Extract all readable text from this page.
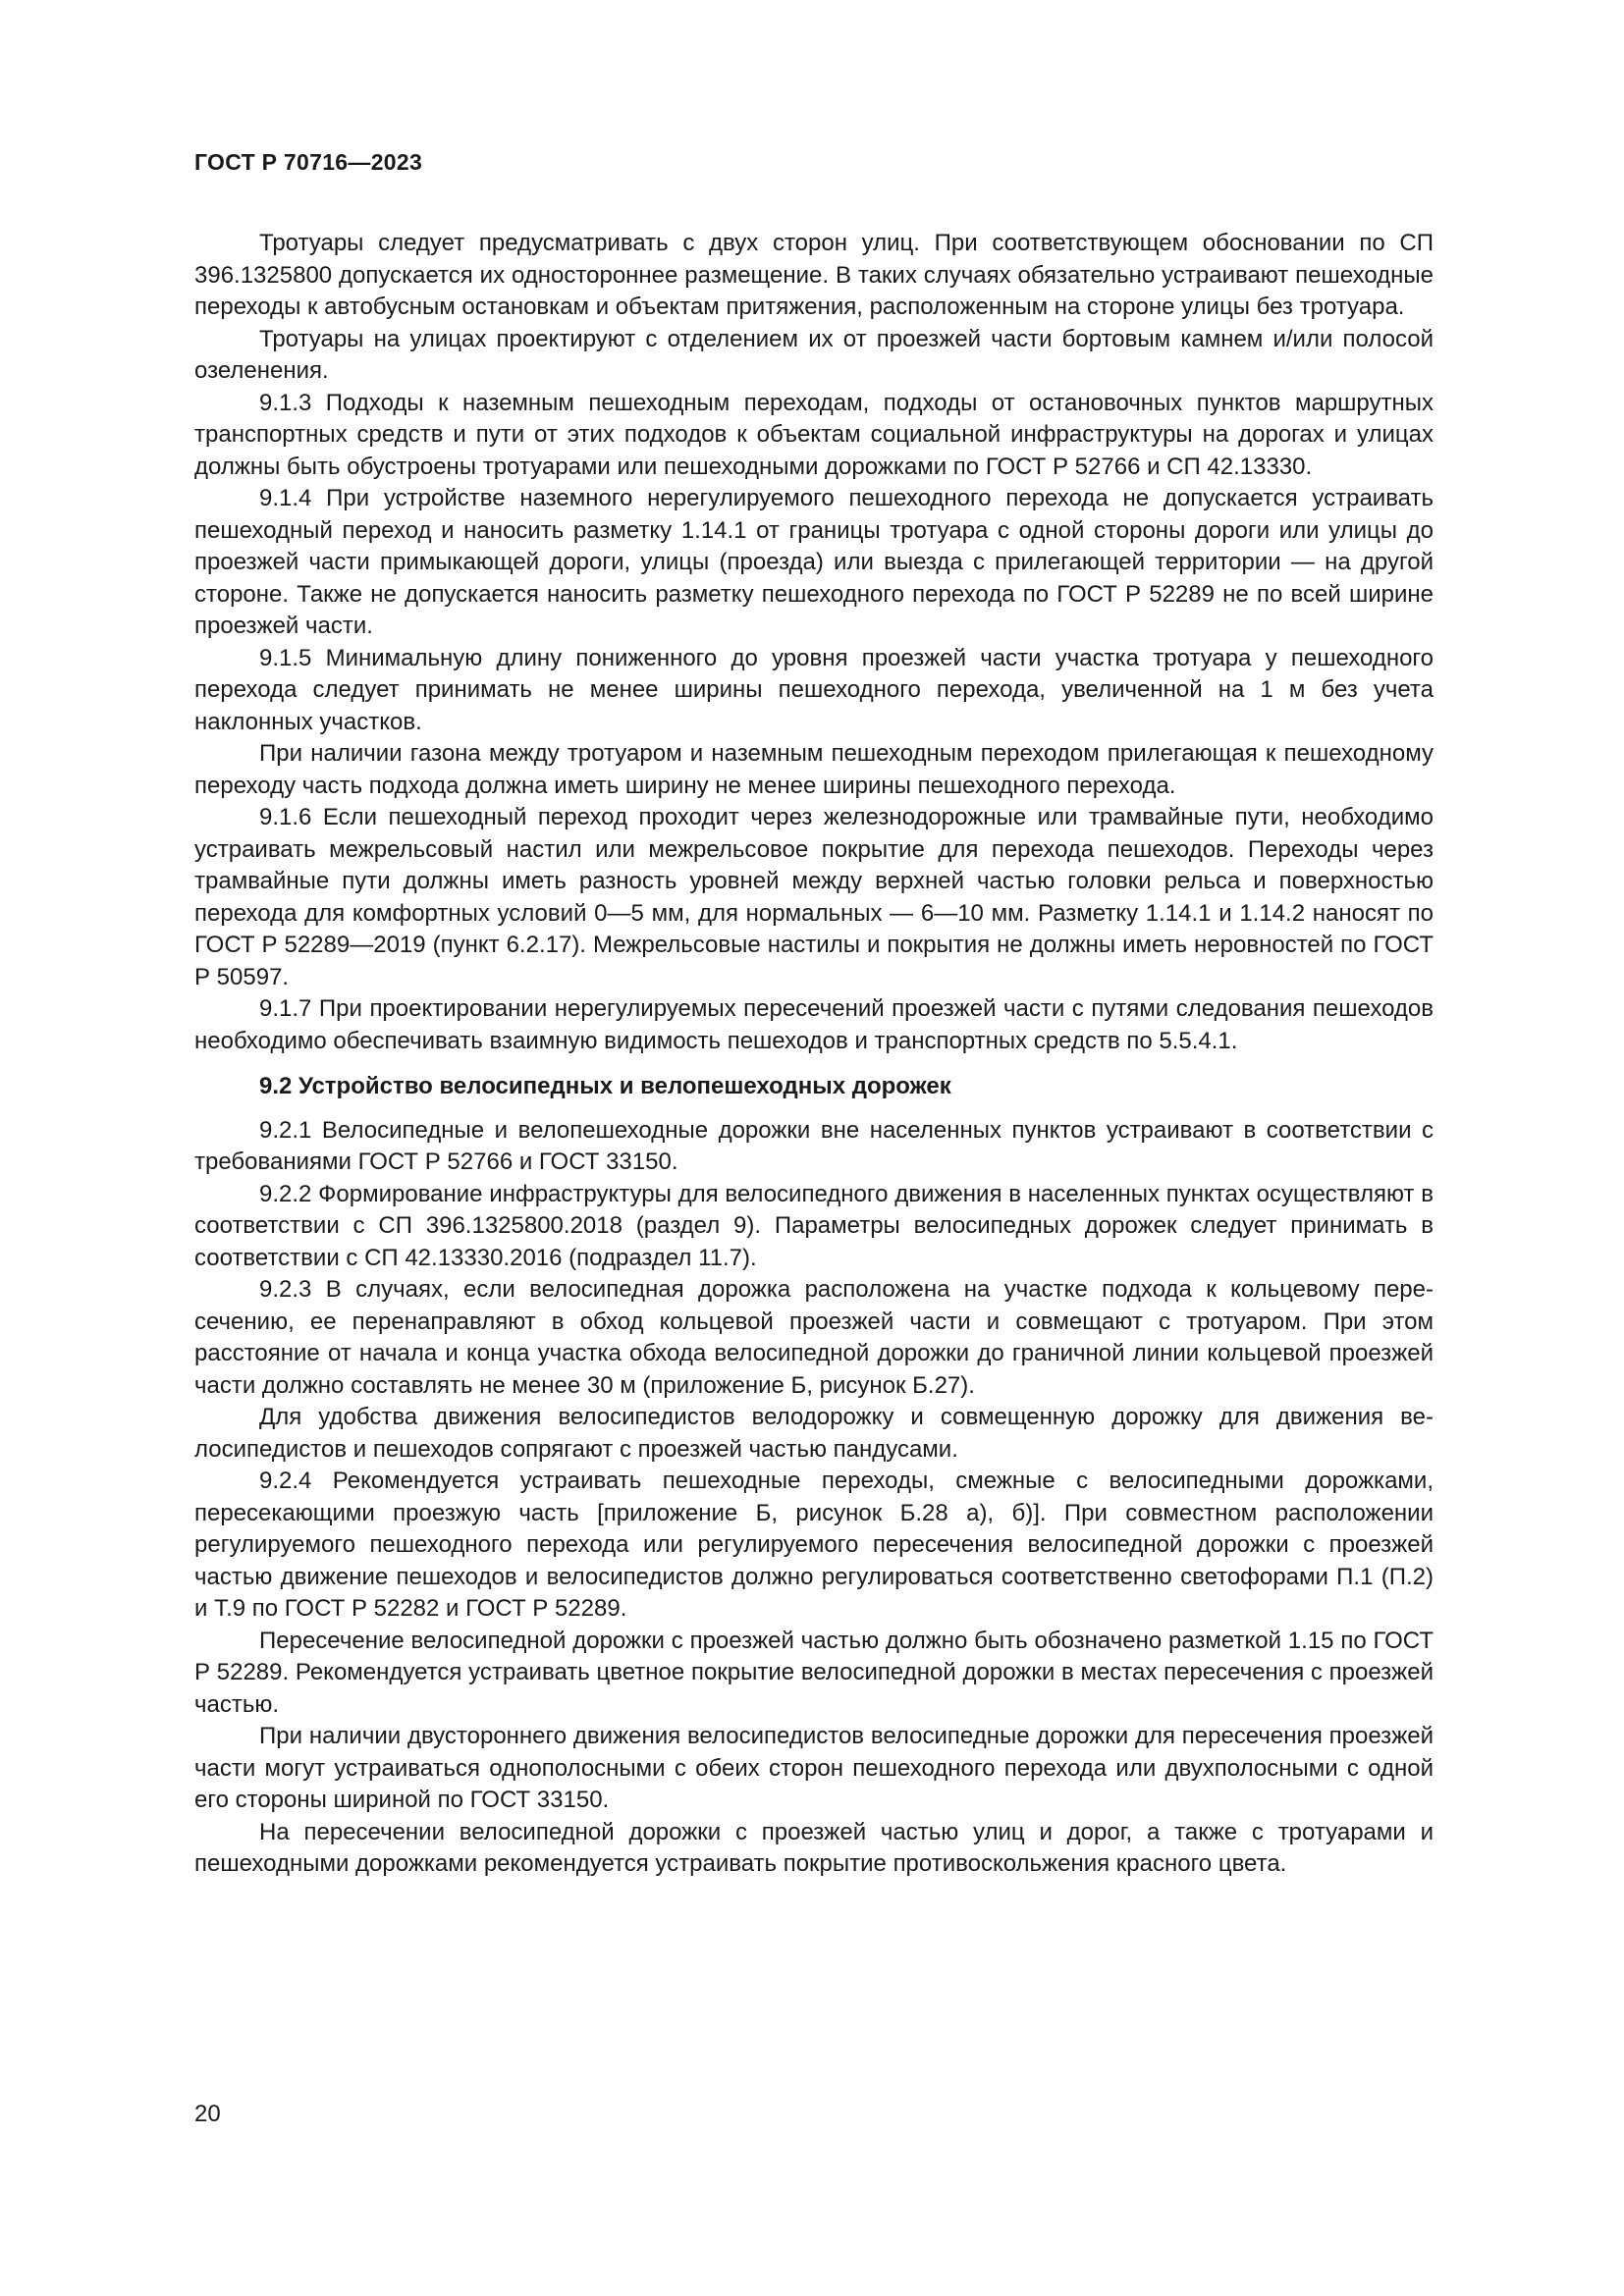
ГОСТ Р 70716—2023

Тротуары следует предусматривать с двух сторон улиц. При соответствующем обосновании по СП 396.1325800 допускается их одностороннее размещение. В таких случаях обязательно устраивают пешеходные переходы к автобусным остановкам и объектам притяжения, расположенным на стороне улицы без тротуара.

Тротуары на улицах проектируют с отделением их от проезжей части бортовым камнем и/или полосой озеленения.

9.1.3 Подходы к наземным пешеходным переходам, подходы от остановочных пунктов маршрутных транспортных средств и пути от этих подходов к объектам социальной инфраструктуры на дорогах и улицах должны быть обустроены тротуарами или пешеходными дорожками по ГОСТ Р 52766 и СП 42.13330.

9.1.4 При устройстве наземного нерегулируемого пешеходного перехода не допускается устраивать пешеходный переход и наносить разметку 1.14.1 от границы тротуара с одной стороны дороги или улицы до проезжей части примыкающей дороги, улицы (проезда) или выезда с прилегающей территории — на другой стороне. Также не допускается наносить разметку пешеходного перехода по ГОСТ Р 52289 не по всей ширине проезжей части.

9.1.5 Минимальную длину пониженного до уровня проезжей части участка тротуара у пешеходного перехода следует принимать не менее ширины пешеходного перехода, увеличенной на 1 м без учета наклонных участков.

При наличии газона между тротуаром и наземным пешеходным переходом прилегающая к пешеходному переходу часть подхода должна иметь ширину не менее ширины пешеходного перехода.

9.1.6 Если пешеходный переход проходит через железнодорожные или трамвайные пути, необходимо устраивать межрельсовый настил или межрельсовое покрытие для перехода пешеходов. Переходы через трамвайные пути должны иметь разность уровней между верхней частью головки рельса и поверхностью перехода для комфортных условий 0—5 мм, для нормальных — 6—10 мм. Разметку 1.14.1 и 1.14.2 наносят по ГОСТ Р 52289—2019 (пункт 6.2.17). Межрельсовые настилы и покрытия не должны иметь неровностей по ГОСТ Р 50597.

9.1.7 При проектировании нерегулируемых пересечений проезжей части с путями следования пешеходов необходимо обеспечивать взаимную видимость пешеходов и транспортных средств по 5.5.4.1.

9.2 Устройство велосипедных и велопешеходных дорожек

9.2.1 Велосипедные и велопешеходные дорожки вне населенных пунктов устраивают в соответствии с требованиями ГОСТ Р 52766 и ГОСТ 33150.

9.2.2 Формирование инфраструктуры для велосипедного движения в населенных пунктах осуществляют в соответствии с СП 396.1325800.2018 (раздел 9). Параметры велосипедных дорожек следует принимать в соответствии с СП 42.13330.2016 (подраздел 11.7).

9.2.3 В случаях, если велосипедная дорожка расположена на участке подхода к кольцевому пересечению, ее перенаправляют в обход кольцевой проезжей части и совмещают с тротуаром. При этом расстояние от начала и конца участка обхода велосипедной дорожки до граничной линии кольцевой проезжей части должно составлять не менее 30 м (приложение Б, рисунок Б.27).

Для удобства движения велосипедистов велодорожку и совмещенную дорожку для движения велосипедистов и пешеходов сопрягают с проезжей частью пандусами.

9.2.4 Рекомендуется устраивать пешеходные переходы, смежные с велосипедными дорожками, пересекающими проезжую часть [приложение Б, рисунок Б.28 а), б)]. При совместном расположении регулируемого пешеходного перехода или регулируемого пересечения велосипедной дорожки с проезжей частью движение пешеходов и велосипедистов должно регулироваться соответственно светофорами П.1 (П.2) и Т.9 по ГОСТ Р 52282 и ГОСТ Р 52289.

Пересечение велосипедной дорожки с проезжей частью должно быть обозначено разметкой 1.15 по ГОСТ Р 52289. Рекомендуется устраивать цветное покрытие велосипедной дорожки в местах пересечения с проезжей частью.

При наличии двустороннего движения велосипедистов велосипедные дорожки для пересечения проезжей части могут устраиваться однополосными с обеих сторон пешеходного перехода или двухполосными с одной его стороны шириной по ГОСТ 33150.

На пересечении велосипедной дорожки с проезжей частью улиц и дорог, а также с тротуарами и пешеходными дорожками рекомендуется устраивать покрытие противоскольжения красного цвета.

20
